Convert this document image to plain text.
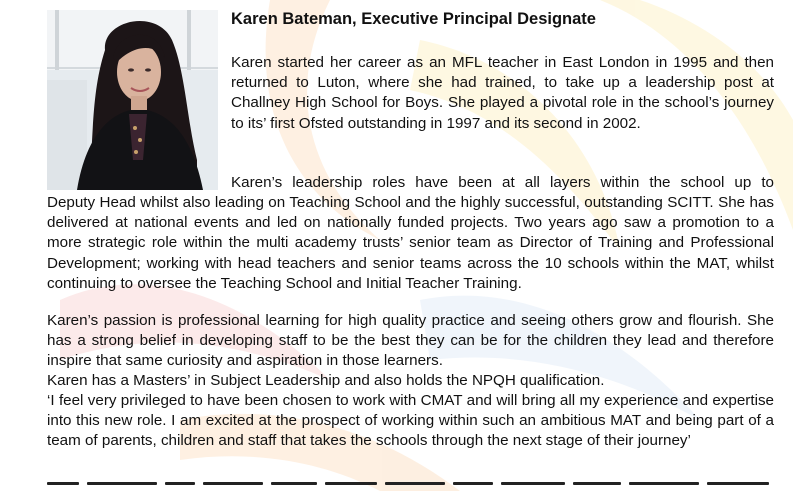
Karen Bateman, Executive Principal Designate

Karen started her career as an MFL teacher in East London in 1995 and then returned to Luton, where she had trained, to take up a leadership post at Challney High School for Boys. She played a pivotal role in the school’s journey to its’ first Ofsted outstanding in 1997 and its second in 2002.

Karen’s leadership roles have been at all layers within the school up to

Deputy Head whilst also leading on Teaching School and the highly successful, outstanding SCITT. She has delivered at national events and led on nationally funded projects. Two years ago saw a promotion to a more strategic role within the multi academy trusts’ senior team as Director of Training and Professional Development; working with head teachers and senior teams across the 10 schools within the MAT, whilst continuing to oversee the Teaching School and Initial Teacher Training.

Karen’s passion is professional learning for high quality practice and seeing others grow and flourish. She has a strong belief in developing staff to be the best they can be for the children they lead and therefore inspire that same curiosity and aspiration in those learners.

Karen has a Masters’ in Subject Leadership and also holds the NPQH qualification.

‘I feel very privileged to have been chosen to work with CMAT and will bring all my experience and expertise into this new role. I am excited at the prospect of working within such an ambitious MAT and being part of a team of parents, children and staff that takes the schools through the next stage of their journey’
